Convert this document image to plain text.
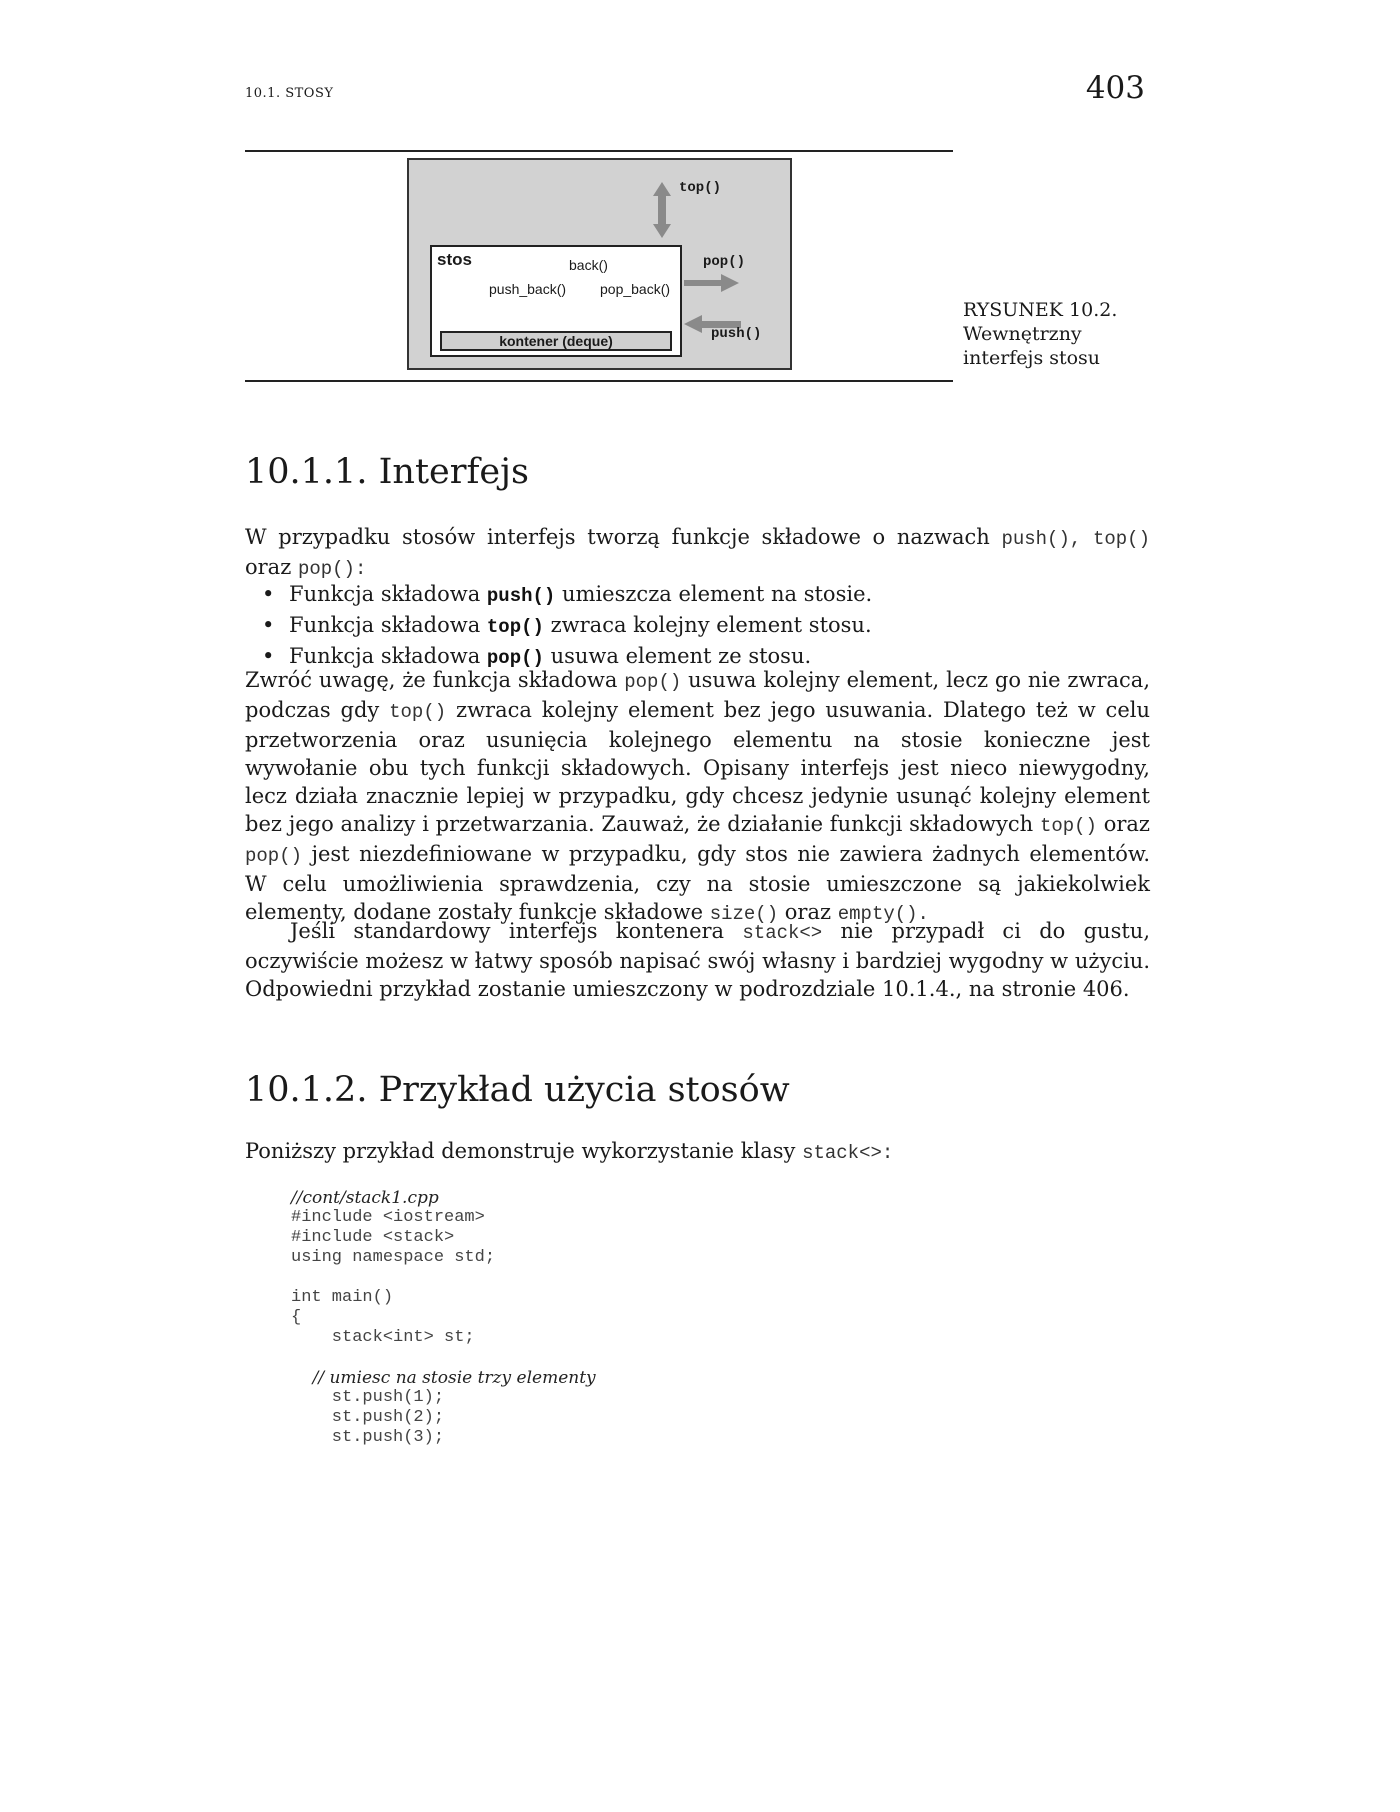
10.1. STOSY	403
top()
pop()
push()
stos	back()
push_back() pop_back()
kontener (deque)
RYSUNEK 10.2.
Wewnętrzny
interfejs stosu
10.1.1. Interfejs
W przypadku stosów interfejs tworzą funkcje składowe o nazwach push(), top() oraz pop():
• Funkcja składowa push() umieszcza element na stosie.
• Funkcja składowa top() zwraca kolejny element stosu.
• Funkcja składowa pop() usuwa element ze stosu.
Zwróć uwagę, że funkcja składowa pop() usuwa kolejny element, lecz go nie zwraca, podczas gdy top() zwraca kolejny element bez jego usuwania. Dlatego też w celu przetworzenia oraz usunięcia kolejnego elementu na stosie konieczne jest wywołanie obu tych funkcji składowych. Opisany interfejs jest nieco niewygodny, lecz działa znacznie lepiej w przypadku, gdy chcesz jedynie usunąć kolejny element bez jego analizy i przetwarzania. Zauważ, że działanie funkcji składowych top() oraz pop() jest niezdefiniowane w przypadku, gdy stos nie zawiera żadnych elementów. W celu umożliwienia sprawdzenia, czy na stosie umieszczone są jakiekolwiek elementy, dodane zostały funkcje składowe size() oraz empty().
Jeśli standardowy interfejs kontenera stack<> nie przypadł ci do gustu, oczywiście możesz w łatwy sposób napisać swój własny i bardziej wygodny w użyciu. Odpowiedni przykład zostanie umieszczony w podrozdziale 10.1.4., na stronie 406.
10.1.2. Przykład użycia stosów
Poniższy przykład demonstruje wykorzystanie klasy stack<>:
//cont/stack1.cpp
#include <iostream>
#include <stack>
using namespace std;
int main()
{
stack<int> st;
// umiesc na stosie trzy elementy
st.push(1);
st.push(2);
st.push(3);
